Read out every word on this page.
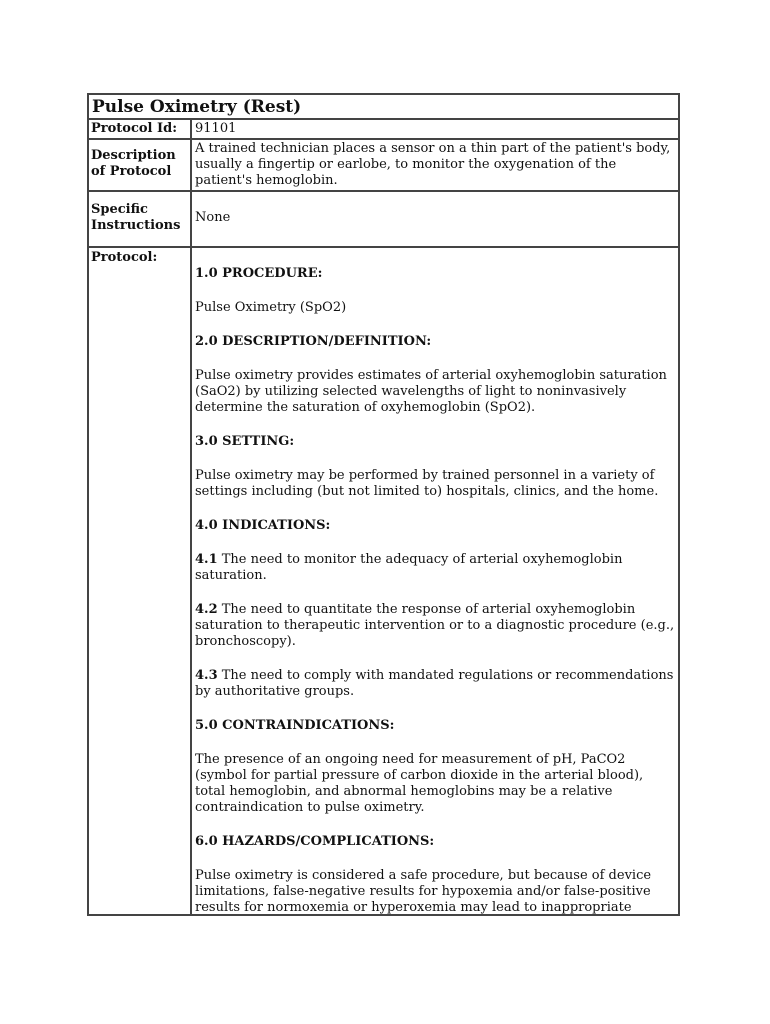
Pulse Oximetry (Rest)
Protocol Id:	91101
Description of Protocol
A trained technician places a sensor on a thin part of the patient's body, usually a fingertip or earlobe, to monitor the oxygenation of the patient's hemoglobin.
Specific Instructions
None
Protocol:

1.0 PROCEDURE:

Pulse Oximetry (SpO2)

2.0 DESCRIPTION/DEFINITION:

Pulse oximetry provides estimates of arterial oxyhemoglobin saturation (SaO2) by utilizing selected wavelengths of light to noninvasively determine the saturation of oxyhemoglobin (SpO2).

3.0 SETTING:

Pulse oximetry may be performed by trained personnel in a variety of settings including (but not limited to) hospitals, clinics, and the home.

4.0 INDICATIONS:

4.1 The need to monitor the adequacy of arterial oxyhemoglobin saturation.

4.2 The need to quantitate the response of arterial oxyhemoglobin saturation to therapeutic intervention or to a diagnostic procedure (e.g., bronchoscopy).

4.3 The need to comply with mandated regulations or recommendations by authoritative groups.

5.0 CONTRAINDICATIONS:

The presence of an ongoing need for measurement of pH, PaCO2 (symbol for partial pressure of carbon dioxide in the arterial blood), total hemoglobin, and abnormal hemoglobins may be a relative contraindication to pulse oximetry.

6.0 HAZARDS/COMPLICATIONS:

Pulse oximetry is considered a safe procedure, but because of device limitations, false-negative results for hypoxemia and/or false-positive results for normoxemia or hyperoxemia may lead to inappropriate
